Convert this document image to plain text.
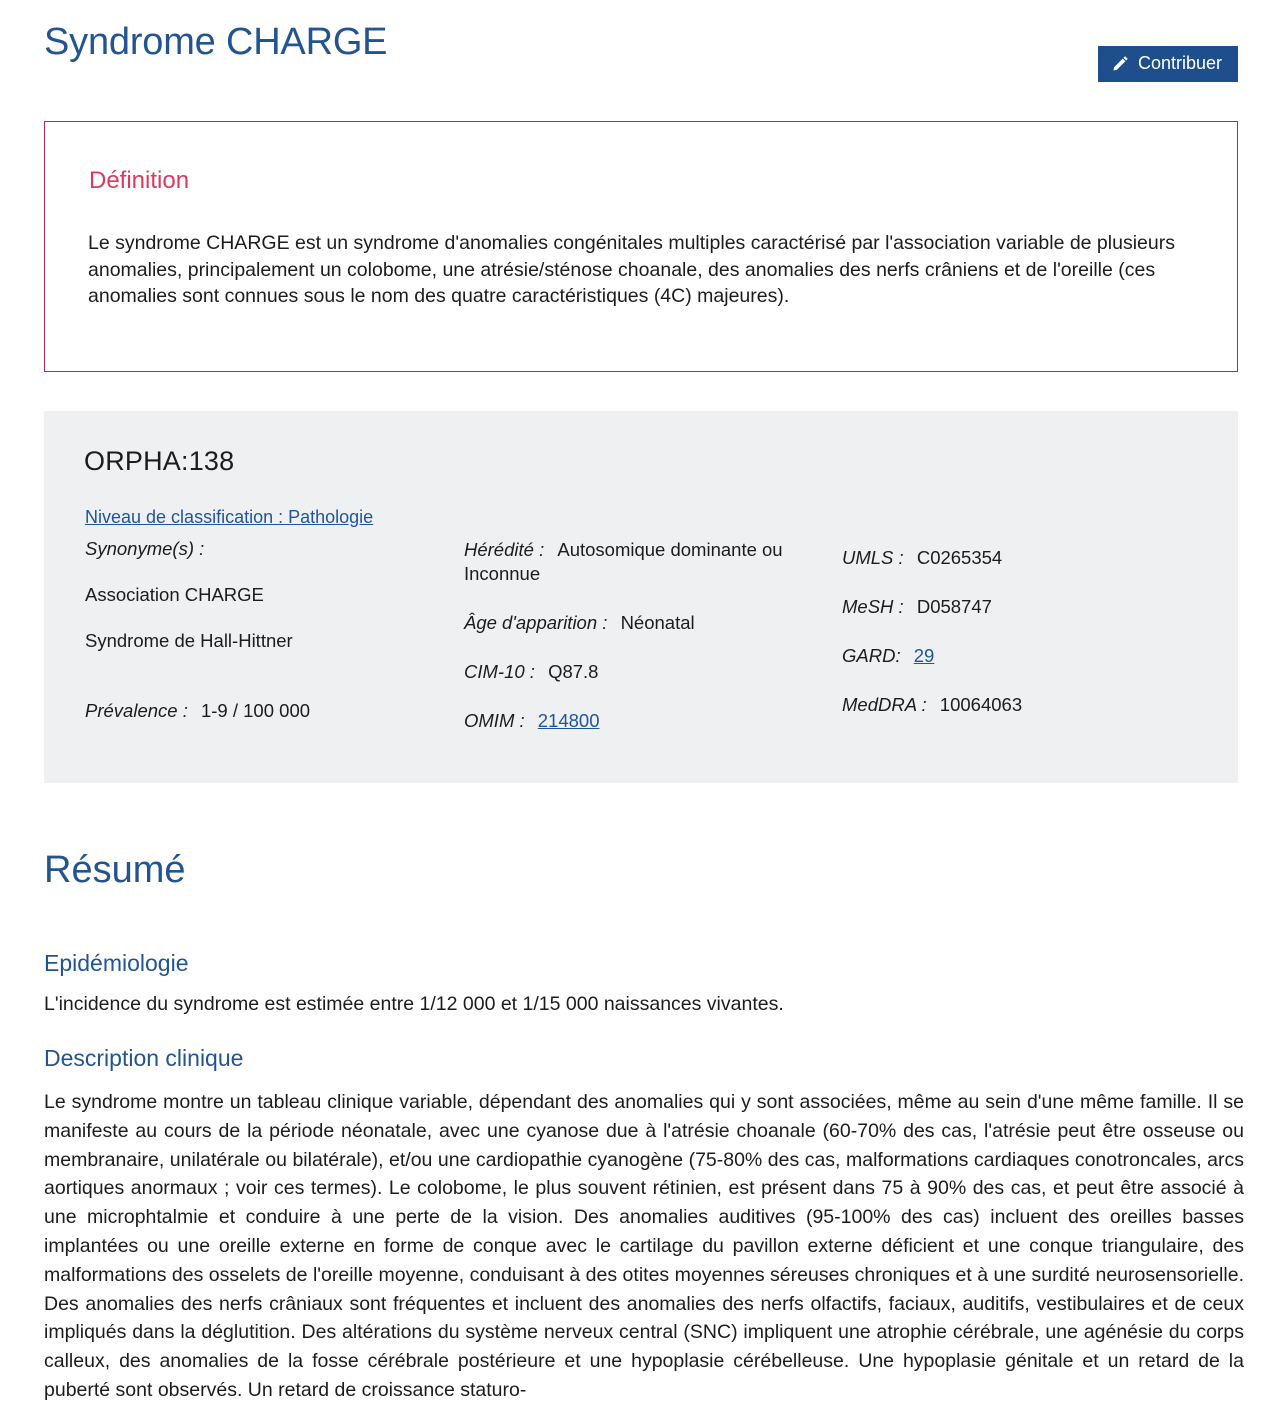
Syndrome CHARGE	Contribuer
Définition

Le syndrome CHARGE est un syndrome d'anomalies congénitales multiples caractérisé par l'association variable de plusieurs anomalies, principalement un colobome, une atrésie/sténose choanale, des anomalies des nerfs crâniens et de l'oreille (ces anomalies sont connues sous le nom des quatre caractéristiques (4C) majeures).

ORPHA:138
Niveau de classification : Pathologie

Synonyme(s) :

Association CHARGE

Syndrome de Hall-Hittner

Prévalence : 1-9 / 100 000

Hérédité : Autosomique dominante ou Inconnue

Âge d'apparition : Néonatal

CIM-10 : Q87.8

OMIM : 214800

UMLS : C0265354

MeSH : D058747

GARD: 29

MedDRA : 10064063

Résumé
Epidémiologie

L'incidence du syndrome est estimée entre 1/12 000 et 1/15 000 naissances vivantes.

Description clinique

Le syndrome montre un tableau clinique variable, dépendant des anomalies qui y sont associées, même au sein d'une même famille. Il se manifeste au cours de la période néonatale, avec une cyanose due à l'atrésie choanale (60-70% des cas, l'atrésie peut être osseuse ou membranaire, unilatérale ou bilatérale), et/ou une cardiopathie cyanogène (75-80% des cas, malformations cardiaques conotroncales, arcs aortiques anormaux ; voir ces termes). Le colobome, le plus souvent rétinien, est présent dans 75 à 90% des cas, et peut être associé à une microphtalmie et conduire à une perte de la vision. Des anomalies auditives (95-100% des cas) incluent des oreilles basses implantées ou une oreille externe en forme de conque avec le cartilage du pavillon externe déficient et une conque triangulaire, des malformations des osselets de l'oreille moyenne, conduisant à des otites moyennes séreuses chroniques et à une surdité neurosensorielle. Des anomalies des nerfs crâniaux sont fréquentes et incluent des anomalies des nerfs olfactifs, faciaux, auditifs, vestibulaires et de ceux impliqués dans la déglutition. Des altérations du système nerveux central (SNC) impliquent une atrophie cérébrale, une agénésie du corps calleux, des anomalies de la fosse cérébrale postérieure et une hypoplasie cérébelleuse. Une hypoplasie génitale et un retard de la puberté sont observés. Un retard de croissance staturo-
